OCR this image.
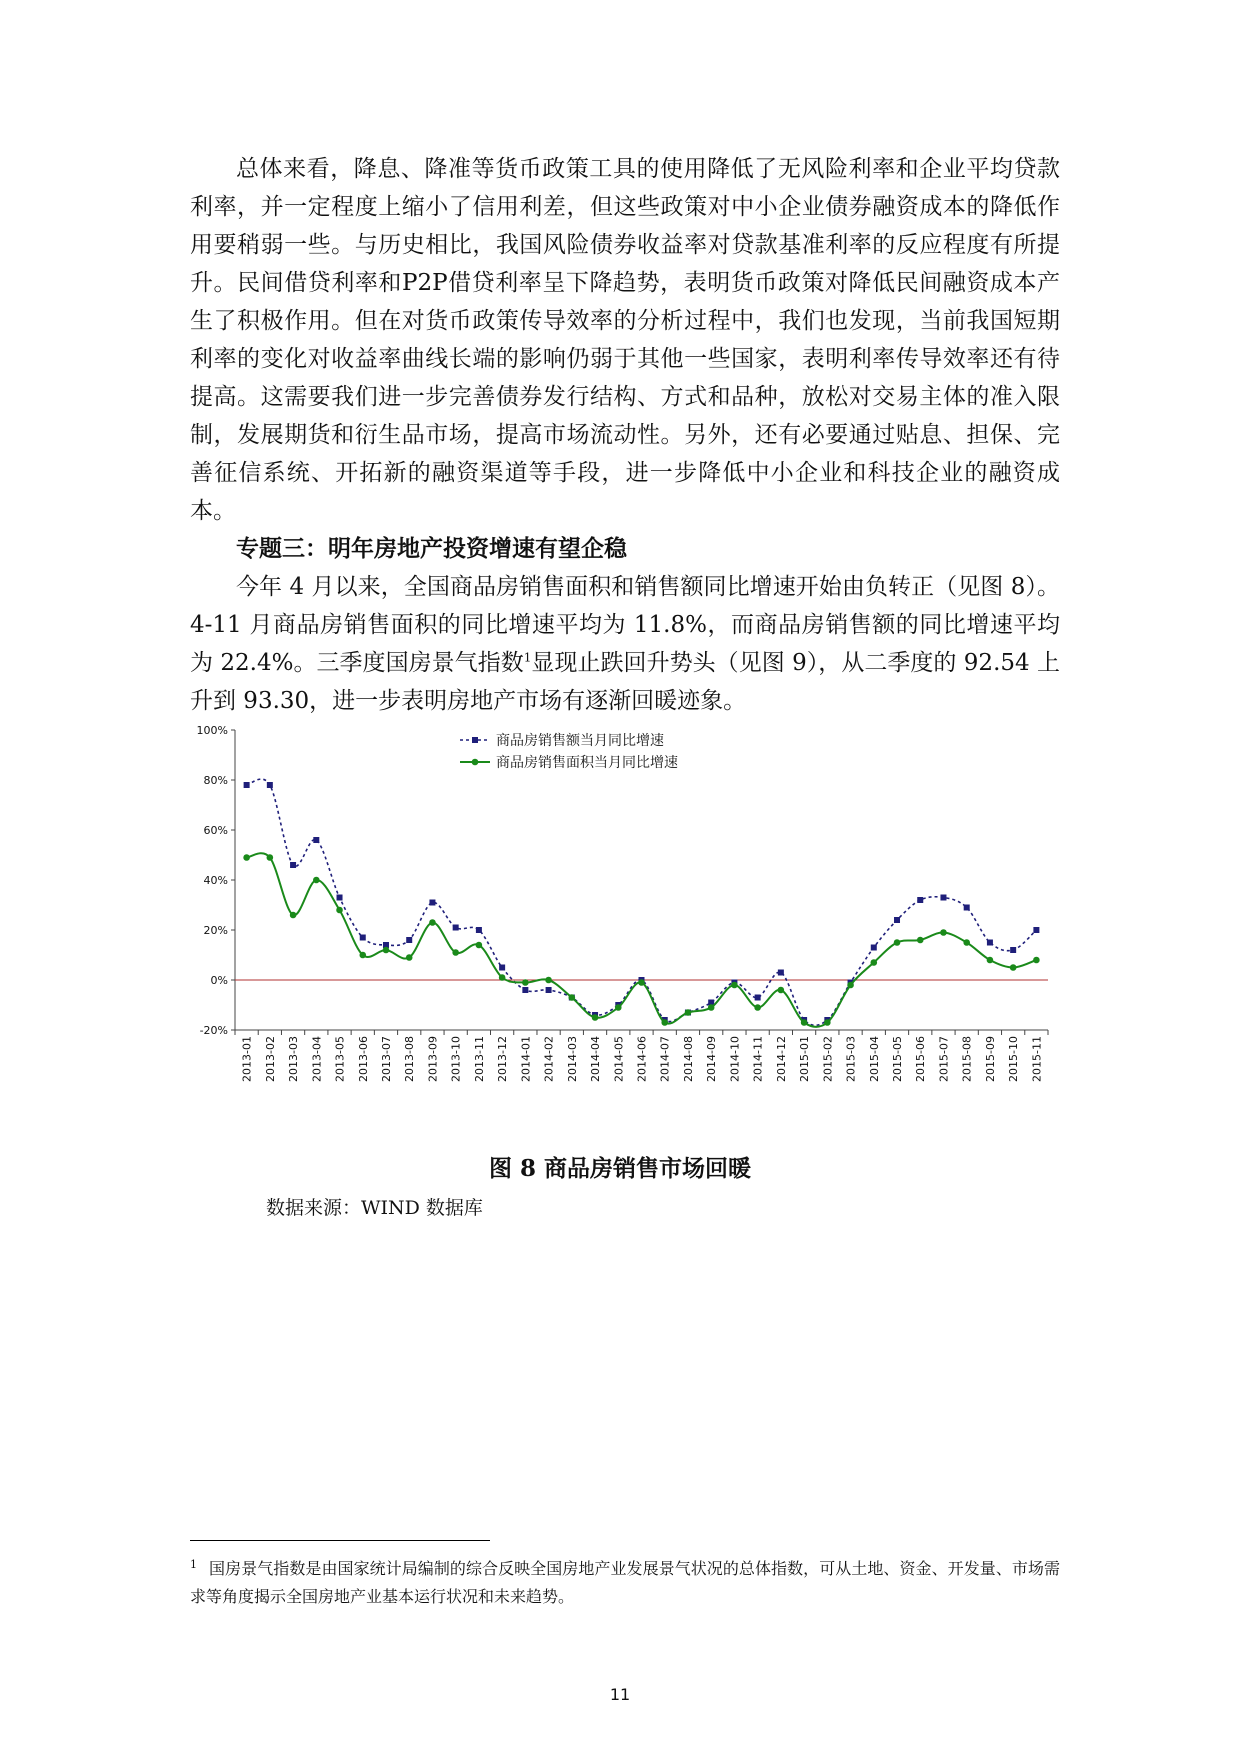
总体来看，降息、降准等货币政策工具的使用降低了无风险利率和企业平均贷款利率，并一定程度上缩小了信用利差，但这些政策对中小企业债券融资成本的降低作用要稍弱一些。与历史相比，我国风险债券收益率对贷款基准利率的反应程度有所提升。民间借贷利率和P2P借贷利率呈下降趋势，表明货币政策对降低民间融资成本产生了积极作用。但在对货币政策传导效率的分析过程中，我们也发现，当前我国短期利率的变化对收益率曲线长端的影响仍弱于其他一些国家，表明利率传导效率还有待提高。这需要我们进一步完善债券发行结构、方式和品种，放松对交易主体的准入限制，发展期货和衍生品市场，提高市场流动性。另外，还有必要通过贴息、担保、完善征信系统、开拓新的融资渠道等手段，进一步降低中小企业和科技企业的融资成本。

专题三：明年房地产投资增速有望企稳

今年 4 月以来，全国商品房销售面积和销售额同比增速开始由负转正（见图 8）。4-11 月商品房销售面积的同比增速平均为 11.8%，而商品房销售额的同比增速平均为 22.4%。三季度国房景气指数$^1$显现止跌回升势头（见图 9），从二季度的 92.54 上升到 93.30，进一步表明房地产市场有逐渐回暖迹象。

100%
80%
60%
40%
20%
0%
-20%
2013-01 2013-02 2013-03 2013-04 2013-05 2013-06 2013-07 2013-08 2013-09 2013-10 2013-11 2013-12 2014-01 2014-02 2014-03 2014-04 2014-05 2014-06 2014-07 2014-08 2014-09 2014-10 2014-11 2014-12 2015-01 2015-02 2015-03 2015-04 2015-05 2015-06 2015-07 2015-08 2015-09 2015-10 2015-11
商品房销售额当月同比增速
商品房销售面积当月同比增速
图 8 商品房销售市场回暖
数据来源：WIND 数据库
$^1$ 国房景气指数是由国家统计局编制的综合反映全国房地产业发展景气状况的总体指数，可从土地、资金、开发量、市场需求等角度揭示全国房地产业基本运行状况和未来趋势。
11
